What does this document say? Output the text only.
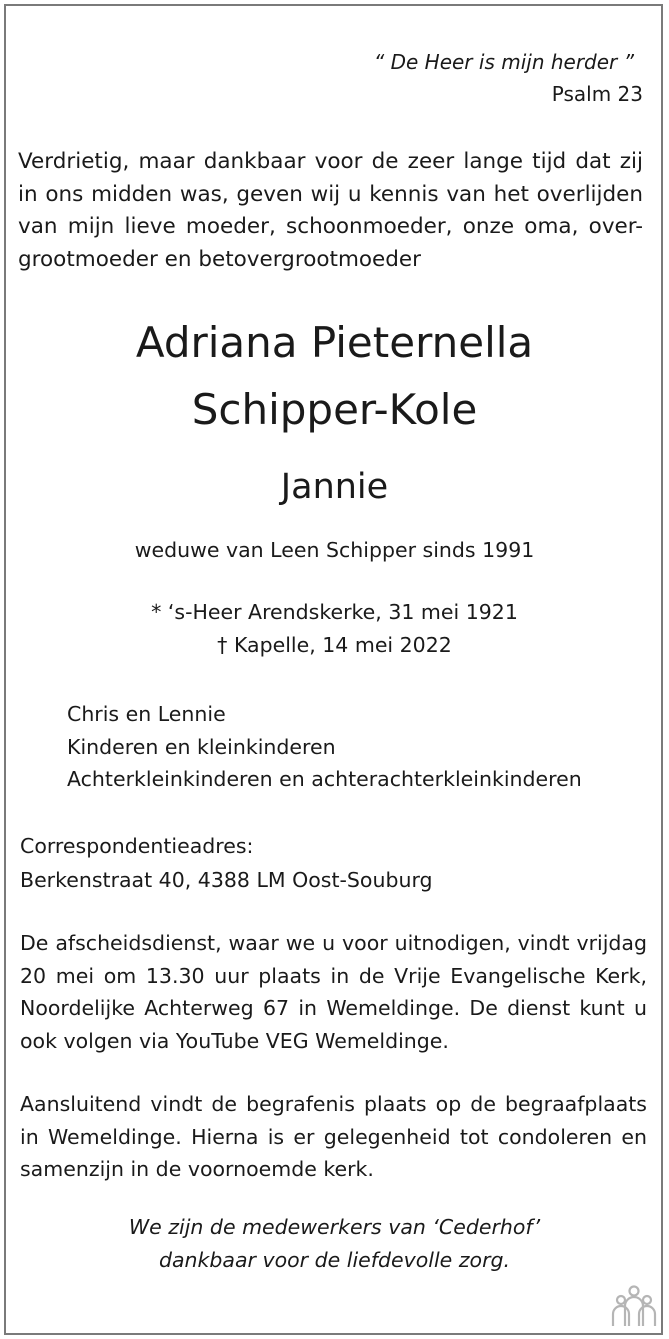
“ De Heer is mijn herder ”
Psalm 23
Verdrietig, maar dankbaar voor de zeer lange tijd dat zij in ons midden was, geven wij u kennis van het overlijden van mijn lieve moeder, schoonmoeder, onze oma, over-grootmoeder en betovergrootmoeder
Adriana Pieternella
Schipper-Kole
Jannie
weduwe van Leen Schipper sinds 1991
* ‘s-Heer Arendskerke, 31 mei 1921
† Kapelle, 14 mei 2022
Chris en Lennie
Kinderen en kleinkinderen
Achterkleinkinderen en achterachterkleinkinderen
Correspondentieadres:
Berkenstraat 40, 4388 LM Oost-Souburg
De afscheidsdienst, waar we u voor uitnodigen, vindt vrijdag 20 mei om 13.30 uur plaats in de Vrije Evangelische Kerk, Noordelijke Achterweg 67 in Wemeldinge. De dienst kunt u ook volgen via YouTube VEG Wemeldinge.
Aansluitend vindt de begrafenis plaats op de begraafplaats in Wemeldinge. Hierna is er gelegenheid tot condoleren en samenzijn in de voornoemde kerk.
We zijn de medewerkers van ‘Cederhof’
dankbaar voor de liefdevolle zorg.
